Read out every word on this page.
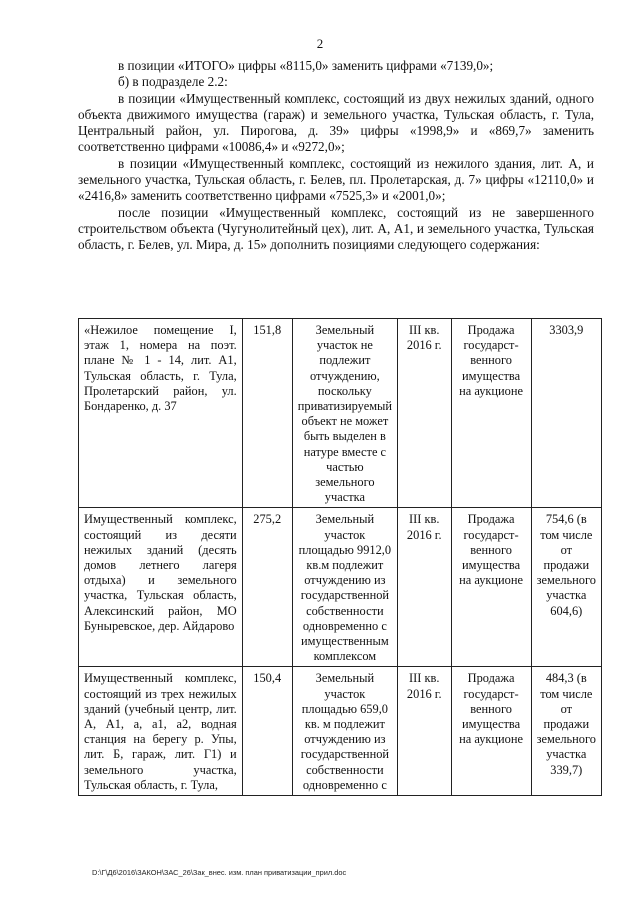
2

в позиции «ИТОГО» цифры «8115,0» заменить цифрами «7139,0»;

б) в подразделе 2.2:

в позиции «Имущественный комплекс, состоящий из двух нежилых зданий, одного объекта движимого имущества (гараж) и земельного участка, Тульская область, г. Тула, Центральный район, ул. Пирогова, д. 39» цифры «1998,9» и «869,7» заменить соответственно цифрами «10086,4» и «9272,0»;

в позиции «Имущественный комплекс, состоящий из нежилого здания, лит. А, и земельного участка, Тульская область, г. Белев, пл. Пролетарская, д. 7» цифры «12110,0» и «2416,8» заменить соответственно цифрами «7525,3» и «2001,0»;

после позиции «Имущественный комплекс, состоящий из не завершенного строительством объекта (Чугунолитейный цех), лит. А, А1, и земельного участка, Тульская область, г. Белев, ул. Мира, д. 15» дополнить позициями следующего содержания:

«Нежилое помещение I, этаж 1, номера на поэт. плане № 1 - 14, лит. А1, Тульская область, г. Тула, Пролетарский район, ул. Бондаренко, д. 37	151,8	Земельный участок не подлежит отчуждению, поскольку приватизируемый объект не может быть выделен в натуре вместе с частью земельного участка	III кв. 2016 г.	Продажа государст-венного имущества на аукционе	3303,9
Имущественный комплекс, состоящий из десяти нежилых зданий (десять домов летнего лагеря отдыха) и земельного участка, Тульская область, Алексинский район, МО Буныревское, дер. Айдарово	275,2	Земельный участок площадью 9912,0 кв.м подлежит отчуждению из государственной собственности одновременно с имущественным комплексом	III кв. 2016 г.	Продажа государст-венного имущества на аукционе	754,6 (в том числе от продажи земельного участка 604,6)
Имущественный комплекс, состоящий из трех нежилых зданий (учебный центр, лит. А, А1, а, а1, а2, водная станция на берегу р. Упы, лит. Б, гараж, лит. Г1) и земельного участка, Тульская область, г. Тула,	150,4	Земельный участок площадью 659,0 кв. м подлежит отчуждению из государственной собственности одновременно с	III кв. 2016 г.	Продажа государст-венного имущества на аукционе	484,3 (в том числе от продажи земельного участка 339,7)
D:\Г\Д6\2016\ЗАКОН\ЗАС_26\Зак_внес. изм. план приватизации_прил.doc
